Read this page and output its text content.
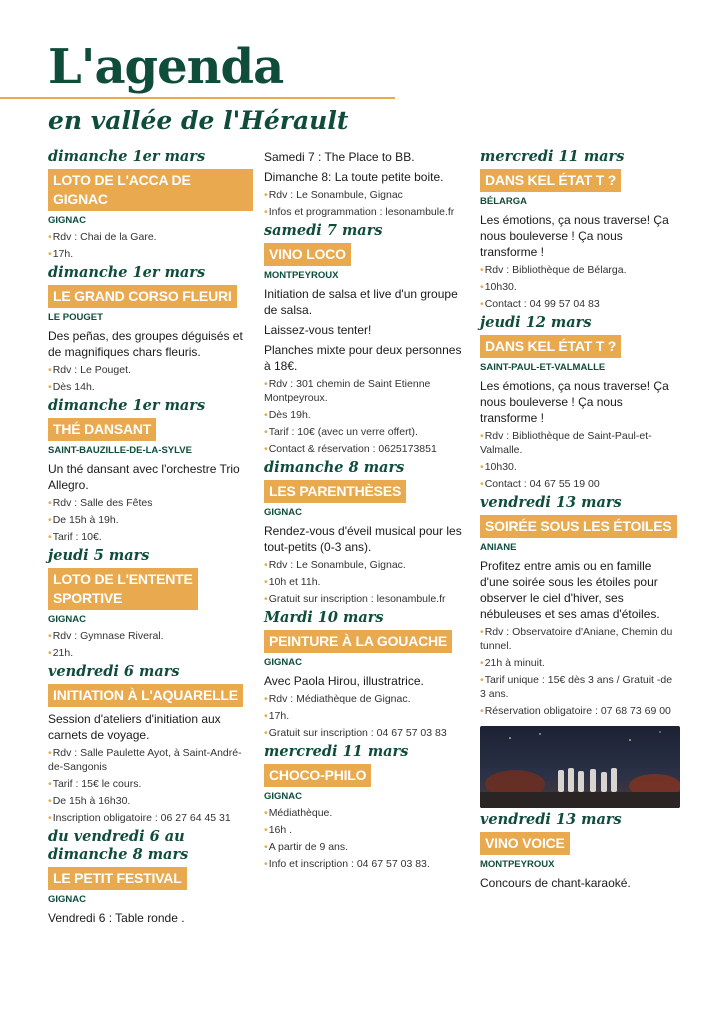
L'agenda
en vallée de l'Hérault
dimanche 1er mars
LOTO DE L'ACCA DE GIGNAC
GIGNAC
•Rdv : Chai de la Gare.
•17h.
dimanche 1er mars
LE GRAND CORSO FLEURI
LE POUGET
Des peñas, des groupes déguisés et de magnifiques chars fleuris.
•Rdv : Le Pouget.
•Dès 14h.
dimanche 1er mars
THÉ DANSANT
SAINT-BAUZILLE-DE-LA-SYLVE
Un thé dansant avec l'orchestre Trio Allegro.
•Rdv : Salle des Fêtes
•De 15h à 19h.
•Tarif : 10€.
jeudi 5 mars
LOTO DE L'ENTENTE
SPORTIVE
GIGNAC
•Rdv : Gymnase Riveral.
•21h.
vendredi 6 mars
INITIATION À L'AQUARELLE
Session d'ateliers d'initiation aux carnets de voyage.
•Rdv : Salle Paulette Ayot, à Saint-André-de-Sangonis
•Tarif : 15€ le cours.
•De 15h à 16h30.
•Inscription obligatoire : 06 27 64 45 31
du vendredi 6 au dimanche 8 mars
LE PETIT FESTIVAL
GIGNAC
Vendredi 6 : Table ronde .
Samedi 7 : The Place to BB.
Dimanche 8: La toute petite boite.
•Rdv : Le Sonambule, Gignac
•Infos et programmation : lesonambule.fr
samedi 7 mars
VINO LOCO
MONTPEYROUX
Initiation de salsa et live d'un groupe de salsa.
Laissez-vous tenter!
Planches mixte pour deux personnes à 18€.
•Rdv : 301 chemin de Saint Etienne Montpeyroux.
•Dès 19h.
•Tarif : 10€ (avec un verre offert).
•Contact & réservation : 0625173851
dimanche 8 mars
LES PARENTHÈSES
GIGNAC
Rendez-vous d'éveil musical pour les tout-petits (0-3 ans).
•Rdv : Le Sonambule, Gignac.
•10h et 11h.
•Gratuit sur inscription : lesonambule.fr
Mardi 10 mars
PEINTURE À LA GOUACHE
GIGNAC
Avec Paola Hirou, illustratrice.
•Rdv : Médiathèque de Gignac.
•17h.
•Gratuit sur inscription : 04 67 57 03 83
mercredi 11 mars
CHOCO-PHILO
GIGNAC
•Médiathèque.
•16h .
•A partir de 9 ans.
•Info et inscription : 04 67 57 03 83.
mercredi 11 mars
DANS KEL ÉTAT T ?
BÉLARGA
Les émotions, ça nous traverse! Ça nous bouleverse ! Ça nous transforme !
•Rdv : Bibliothèque de Bélarga.
•10h30.
•Contact : 04 99 57 04 83
jeudi 12 mars
DANS KEL ÉTAT T ?
SAINT-PAUL-ET-VALMALLE
Les émotions, ça nous traverse! Ça nous bouleverse ! Ça nous transforme !
•Rdv : Bibliothèque de Saint-Paul-et-Valmalle.
•10h30.
•Contact : 04 67 55 19 00
vendredi 13 mars
SOIRÉE SOUS LES ÉTOILES
ANIANE
Profitez entre amis ou en famille d'une soirée sous les étoiles pour observer le ciel d'hiver, ses nébuleuses et ses amas d'étoiles.
•Rdv : Observatoire d'Aniane, Chemin du tunnel.
•21h à minuit.
•Tarif unique : 15€ dès 3 ans / Gratuit -de 3 ans.
•Réservation obligatoire : 07 68 73 69 00
vendredi 13 mars
VINO VOICE
MONTPEYROUX
Concours de chant-karaoké.
